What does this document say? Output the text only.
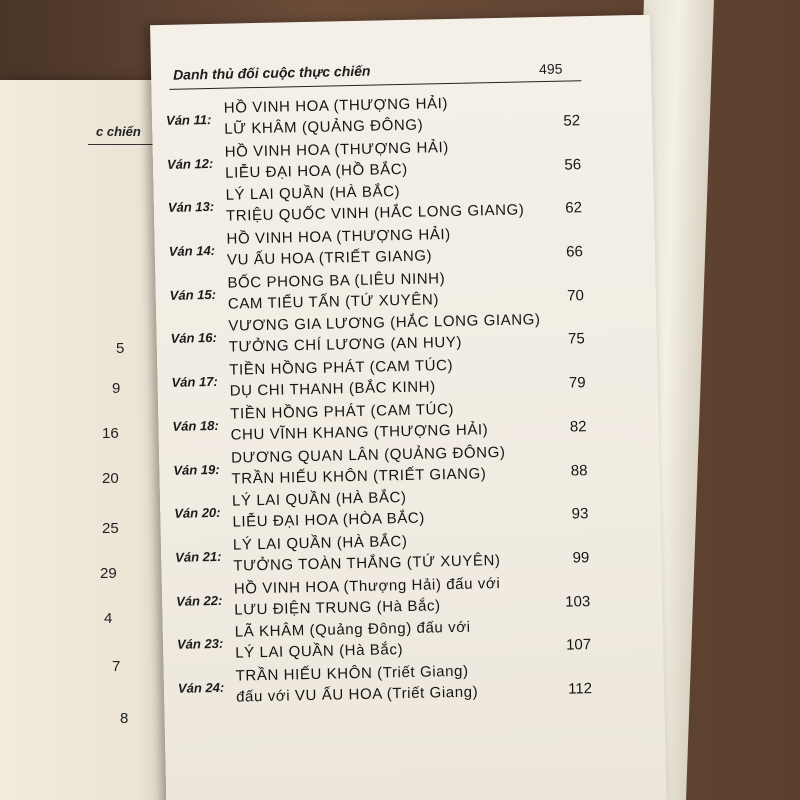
c chiến
5
9
16
20
25
29
4
7
8
Danh thủ đối cuộc thực chiến	495
Ván 11:
HỒ VINH HOA (THƯỢNG HẢI)
LỮ KHÂM (QUẢNG ĐÔNG)	52
Ván 12:
HỒ VINH HOA (THƯỢNG HẢI)
LIỄU ĐẠI HOA (HỒ BẮC)	56
Ván 13:
LÝ LAI QUẦN (HÀ BẮC)
TRIỆU QUỐC VINH (HẮC LONG GIANG)	62
Ván 14:
HỒ VINH HOA (THƯỢNG HẢI)
VU ẤU HOA (TRIẾT GIANG)	66
Ván 15:
BỐC PHONG BA (LIÊU NINH)
CAM TIỂU TẤN (TỨ XUYÊN)	70
Ván 16:
VƯƠNG GIA LƯƠNG (HẮC LONG GIANG)
TƯỞNG CHÍ LƯƠNG (AN HUY)	75
Ván 17:
TIỀN HỒNG PHÁT (CAM TÚC)
DỤ CHI THANH (BẮC KINH)	79
Ván 18:
TIỀN HỒNG PHÁT (CAM TÚC)
CHU VĨNH KHANG (THƯỢNG HẢI)	82
Ván 19:
DƯƠNG QUAN LÂN (QUẢNG ĐÔNG)
TRẦN HIẾU KHÔN (TRIẾT GIANG)	88
Ván 20:
LÝ LAI QUẦN (HÀ BẮC)
LIỄU ĐẠI HOA (HÒA BẮC)	93
Ván 21:
LÝ LAI QUẦN (HÀ BẮC)
TƯỞNG TOÀN THẮNG (TỨ XUYÊN)	99
Ván 22:
HỒ VINH HOA (Thượng Hải) đấu với
LƯU ĐIỆN TRUNG (Hà Bắc)	103
Ván 23:
LÃ KHÂM (Quảng Đông) đấu với
LÝ LAI QUẦN (Hà Bắc)	107
Ván 24:
TRẦN HIẾU KHÔN (Triết Giang)
đấu với VU ẤU HOA (Triết Giang)	112
